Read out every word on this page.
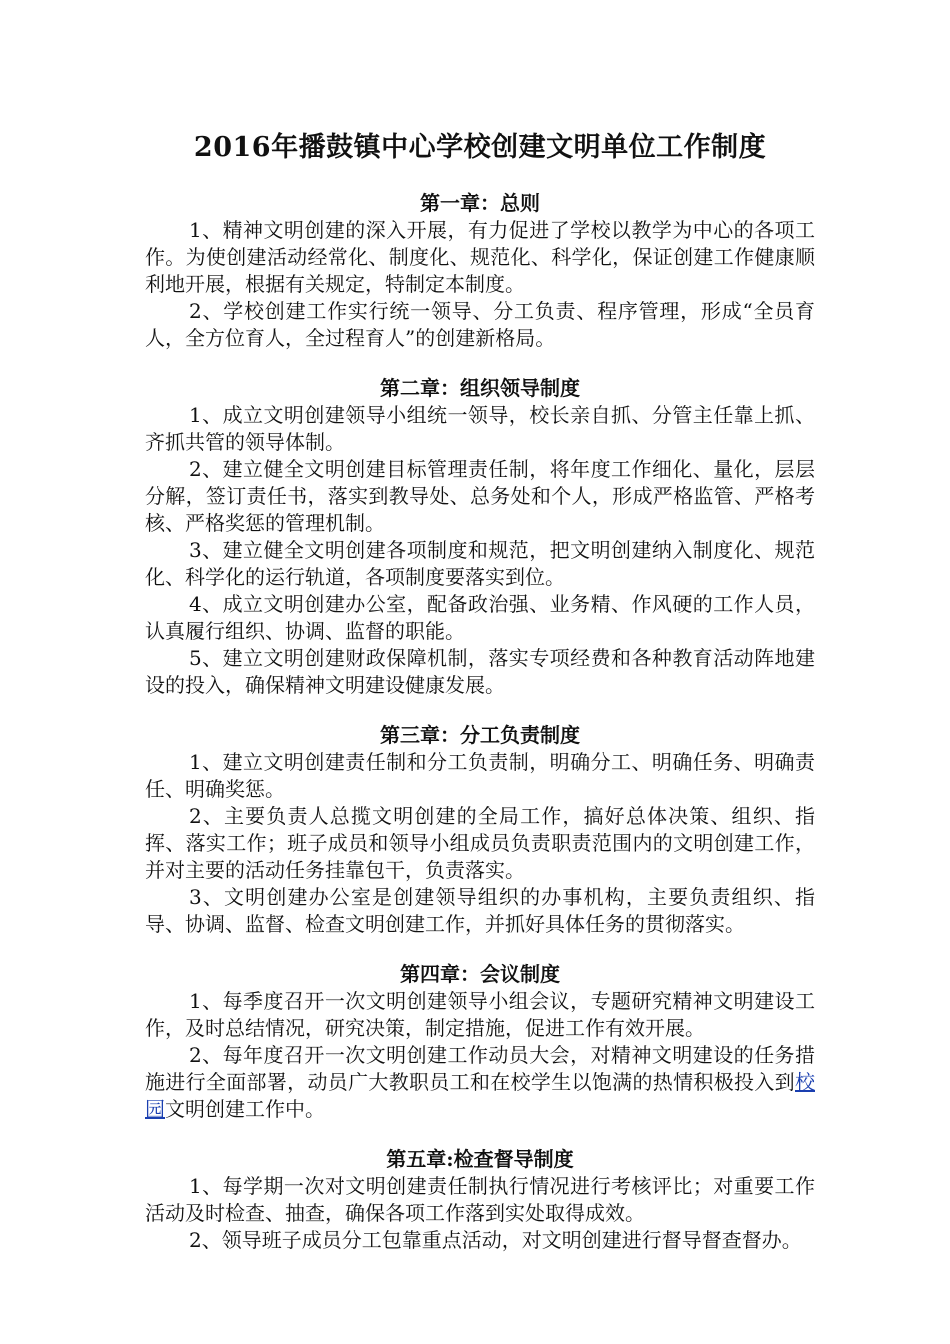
2016年播鼓镇中心学校创建文明单位工作制度
第一章：总则

1、精神文明创建的深入开展，有力促进了学校以教学为中心的各项工作。为使创建活动经常化、制度化、规范化、科学化，保证创建工作健康顺利地开展，根据有关规定，特制定本制度。

2、学校创建工作实行统一领导、分工负责、程序管理，形成“全员育人，全方位育人，全过程育人”的创建新格局。

第二章：组织领导制度

1、成立文明创建领导小组统一领导，校长亲自抓、分管主任靠上抓、齐抓共管的领导体制。

2、建立健全文明创建目标管理责任制，将年度工作细化、量化，层层分解，签订责任书，落实到教导处、总务处和个人，形成严格监管、严格考核、严格奖惩的管理机制。

3、建立健全文明创建各项制度和规范，把文明创建纳入制度化、规范化、科学化的运行轨道，各项制度要落实到位。

4、成立文明创建办公室，配备政治强、业务精、作风硬的工作人员，认真履行组织、协调、监督的职能。

5、建立文明创建财政保障机制，落实专项经费和各种教育活动阵地建设的投入，确保精神文明建设健康发展。

第三章：分工负责制度

1、建立文明创建责任制和分工负责制，明确分工、明确任务、明确责任、明确奖惩。

2、主要负责人总揽文明创建的全局工作，搞好总体决策、组织、指挥、落实工作；班子成员和领导小组成员负责职责范围内的文明创建工作，并对主要的活动任务挂靠包干，负责落实。

3、文明创建办公室是创建领导组织的办事机构，主要负责组织、指导、协调、监督、检查文明创建工作，并抓好具体任务的贯彻落实。

第四章：会议制度

1、每季度召开一次文明创建领导小组会议，专题研究精神文明建设工作，及时总结情况，研究决策，制定措施，促进工作有效开展。

2、每年度召开一次文明创建工作动员大会，对精神文明建设的任务措施进行全面部署，动员广大教职员工和在校学生以饱满的热情积极投入到校园文明创建工作中。

第五章:检查督导制度

1、每学期一次对文明创建责任制执行情况进行考核评比；对重要工作活动及时检查、抽查，确保各项工作落到实处取得成效。

2、领导班子成员分工包靠重点活动，对文明创建进行督导督查督办。
